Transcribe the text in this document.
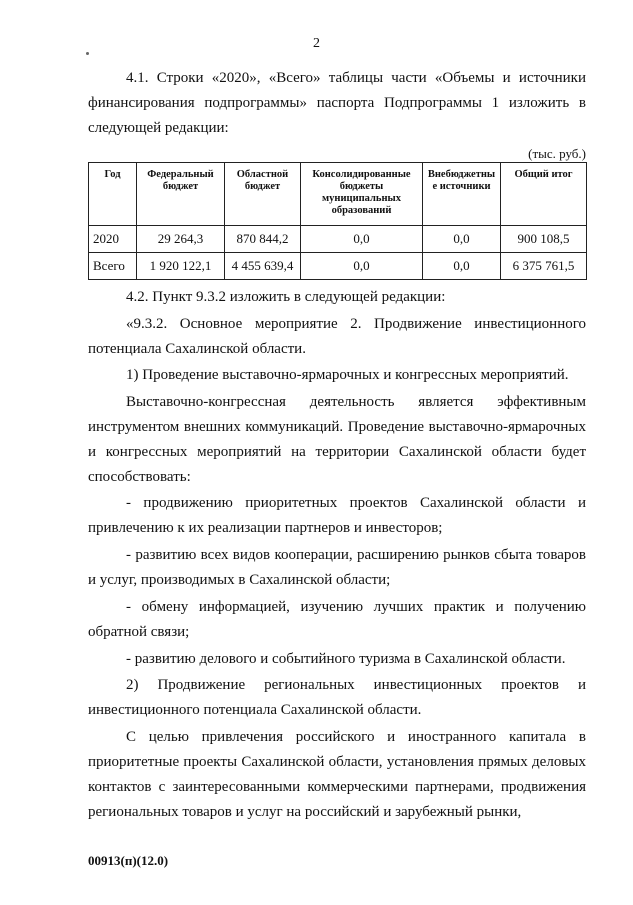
2
4.1. Строки «2020», «Всего» таблицы части «Объемы и источники финансирования подпрограммы» паспорта Подпрограммы 1 изложить в следующей редакции:
(тыс. руб.)
Год	Федеральный бюджет	Областной бюджет	Консолидированные бюджеты муниципальных образований	Внебюджетны е источники	Общий итог
2020	29 264,3	870 844,2	0,0	0,0	900 108,5
Всего	1 920 122,1	4 455 639,4	0,0	0,0	6 375 761,5
4.2. Пункт 9.3.2 изложить в следующей редакции:
«9.3.2. Основное мероприятие 2. Продвижение инвестиционного потенциала Сахалинской области.
1) Проведение выставочно-ярмарочных и конгрессных мероприятий.
Выставочно-конгрессная деятельность является эффективным инструментом внешних коммуникаций. Проведение выставочно-ярмарочных и конгрессных мероприятий на территории Сахалинской области будет способствовать:
- продвижению приоритетных проектов Сахалинской области и привлечению к их реализации партнеров и инвесторов;
- развитию всех видов кооперации, расширению рынков сбыта товаров и услуг, производимых в Сахалинской области;
- обмену информацией, изучению лучших практик и получению обратной связи;
- развитию делового и событийного туризма в Сахалинской области.
2) Продвижение региональных инвестиционных проектов и инвестиционного потенциала Сахалинской области.
С целью привлечения российского и иностранного капитала в приоритетные проекты Сахалинской области, установления прямых деловых контактов с заинтересованными коммерческими партнерами, продвижения региональных товаров и услуг на российский и зарубежный рынки,
00913(п)(12.0)
